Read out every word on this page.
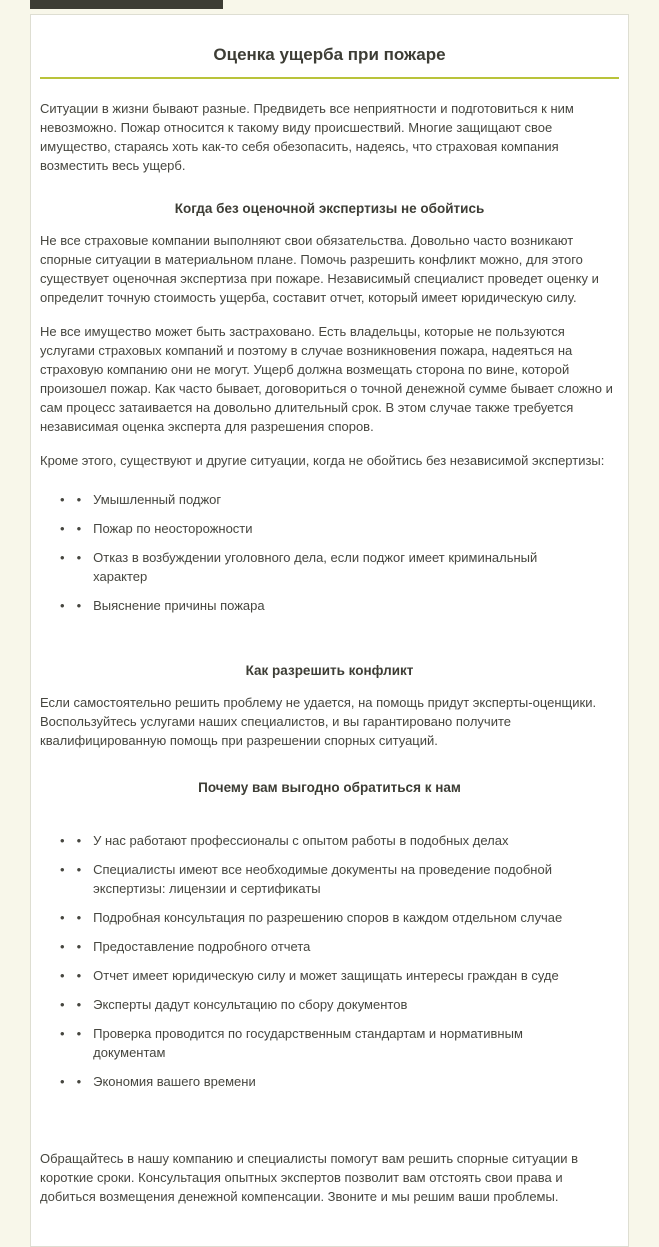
Оценка ущерба при пожаре

Ситуации в жизни бывают разные. Предвидеть все неприятности и подготовиться к ним невозможно. Пожар относится к такому виду происшествий. Многие защищают свое имущество, стараясь хоть как-то себя обезопасить, надеясь, что страховая компания возместить весь ущерб.

Когда без оценочной экспертизы не обойтись

Не все страховые компании выполняют свои обязательства. Довольно часто возникают спорные ситуации в материальном плане. Помочь разрешить конфликт можно, для этого существует оценочная экспертиза при пожаре. Независимый специалист проведет оценку и определит точную стоимость ущерба, составит отчет, который имеет юридическую силу.

Не все имущество может быть застраховано. Есть владельцы, которые не пользуются услугами страховых компаний и поэтому в случае возникновения пожара, надеяться на страховую компанию они не могут. Ущерб должна возмещать сторона по вине, которой произошел пожар. Как часто бывает, договориться о точной денежной сумме бывает сложно и сам процесс затаивается на довольно длительный срок. В этом случае также требуется независимая оценка эксперта для разрешения споров.

Кроме этого, существуют и другие ситуации, когда не обойтись без независимой экспертизы:

• • Умышленный поджог
• • Пожар по неосторожности
• • Отказ в возбуждении уголовного дела, если поджог имеет криминальный характер
• • Выяснение причины пожара
Как разрешить конфликт

Если самостоятельно решить проблему не удается, на помощь придут эксперты-оценщики. Воспользуйтесь услугами наших специалистов, и вы гарантировано получите квалифицированную помощь при разрешении спорных ситуаций.

Почему вам выгодно обратиться к нам
• • У нас работают профессионалы с опытом работы в подобных делах
• • Специалисты имеют все необходимые документы на проведение подобной экспертизы: лицензии и сертификаты
• • Подробная консультация по разрешению споров в каждом отдельном случае
• • Предоставление подробного отчета
• • Отчет имеет юридическую силу и может защищать интересы граждан в суде
• • Эксперты дадут консультацию по сбору документов
• • Проверка проводится по государственным стандартам и нормативным документам
• • Экономия вашего времени

Обращайтесь в нашу компанию и специалисты помогут вам решить спорные ситуации в короткие сроки. Консультация опытных экспертов позволит вам отстоять свои права и добиться возмещения денежной компенсации. Звоните и мы решим ваши проблемы.
